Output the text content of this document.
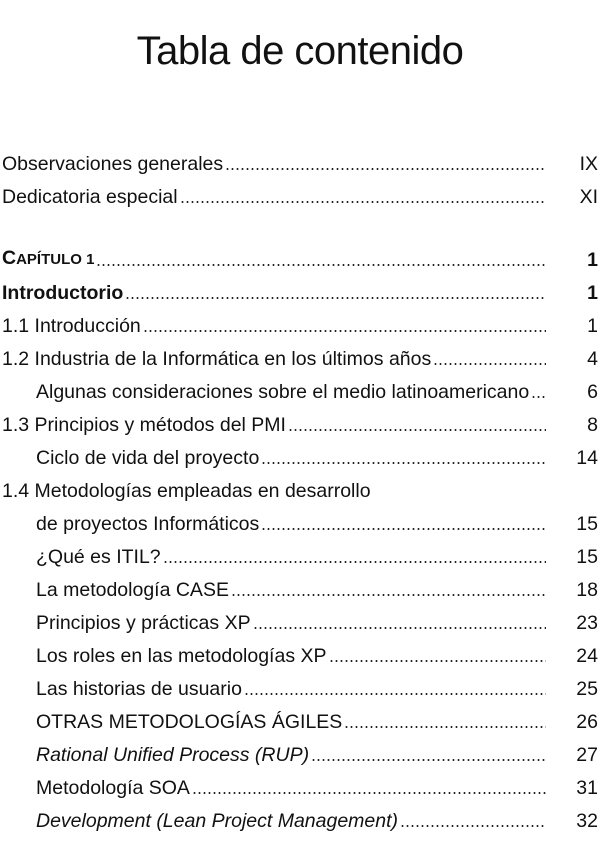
Tabla de contenido
Observaciones generales	IX
Dedicatoria especial	XI
CAPÍTULO 1	1
Introductorio	1
1.1 Introducción	1
1.2 Industria de la Informática en los últimos años	4
Algunas consideraciones sobre el medio latinoamericano	6
1.3 Principios y métodos del PMI	8
Ciclo de vida del proyecto	14
1.4 Metodologías empleadas en desarrollo
de proyectos Informáticos	15
¿Qué es ITIL?	15
La metodología CASE	18
Principios y prácticas XP	23
Los roles en las metodologías XP	24
Las historias de usuario	25
OTRAS METODOLOGÍAS ÁGILES	26
Rational Unified Process (RUP)	27
Metodología SOA	31
Development (Lean Project Management)	32
